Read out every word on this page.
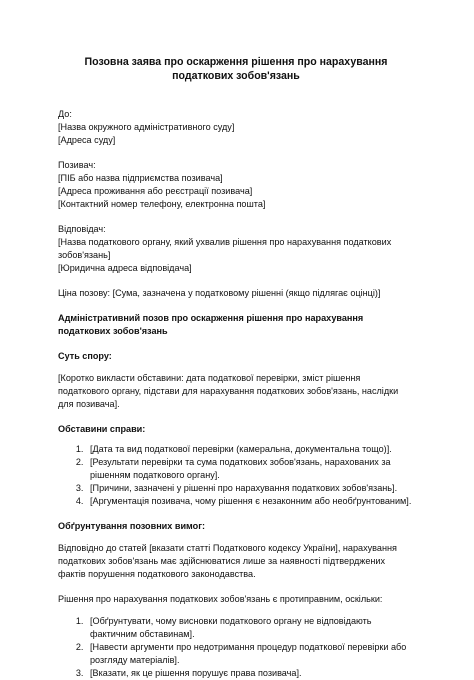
Позовна заява про оскарження рішення про нарахування податкових зобов'язань

До:

[Назва окружного адміністративного суду]

[Адреса суду]

Позивач:

[ПІБ або назва підприємства позивача]

[Адреса проживання або реєстрації позивача]

[Контактний номер телефону, електронна пошта]

Відповідач:

[Назва податкового органу, який ухвалив рішення про нарахування податкових зобов'язань]

[Юридична адреса відповідача]

Ціна позову: [Сума, зазначена у податковому рішенні (якщо підлягає оцінці)]

Адміністративний позов про оскарження рішення про нарахування податкових зобов'язань

Суть спору:

[Коротко викласти обставини: дата податкової перевірки, зміст рішення податкового органу, підстави для нарахування податкових зобов'язань, наслідки для позивача].

Обставини справи:

1. [Дата та вид податкової перевірки (камеральна, документальна тощо)].
2. [Результати перевірки та сума податкових зобов'язань, нарахованих за рішенням податкового органу].
3. [Причини, зазначені у рішенні про нарахування податкових зобов'язань].
4. [Аргументація позивача, чому рішення є незаконним або необґрунтованим].

Обґрунтування позовних вимог:

Відповідно до статей [вказати статті Податкового кодексу України], нарахування податкових зобов'язань має здійснюватися лише за наявності підтверджених фактів порушення податкового законодавства.

Рішення про нарахування податкових зобов'язань є протиправним, оскільки:

1. [Обґрунтувати, чому висновки податкового органу не відповідають фактичним обставинам].
2. [Навести аргументи про недотримання процедур податкової перевірки або розгляду матеріалів].
3. [Вказати, як це рішення порушує права позивача].
